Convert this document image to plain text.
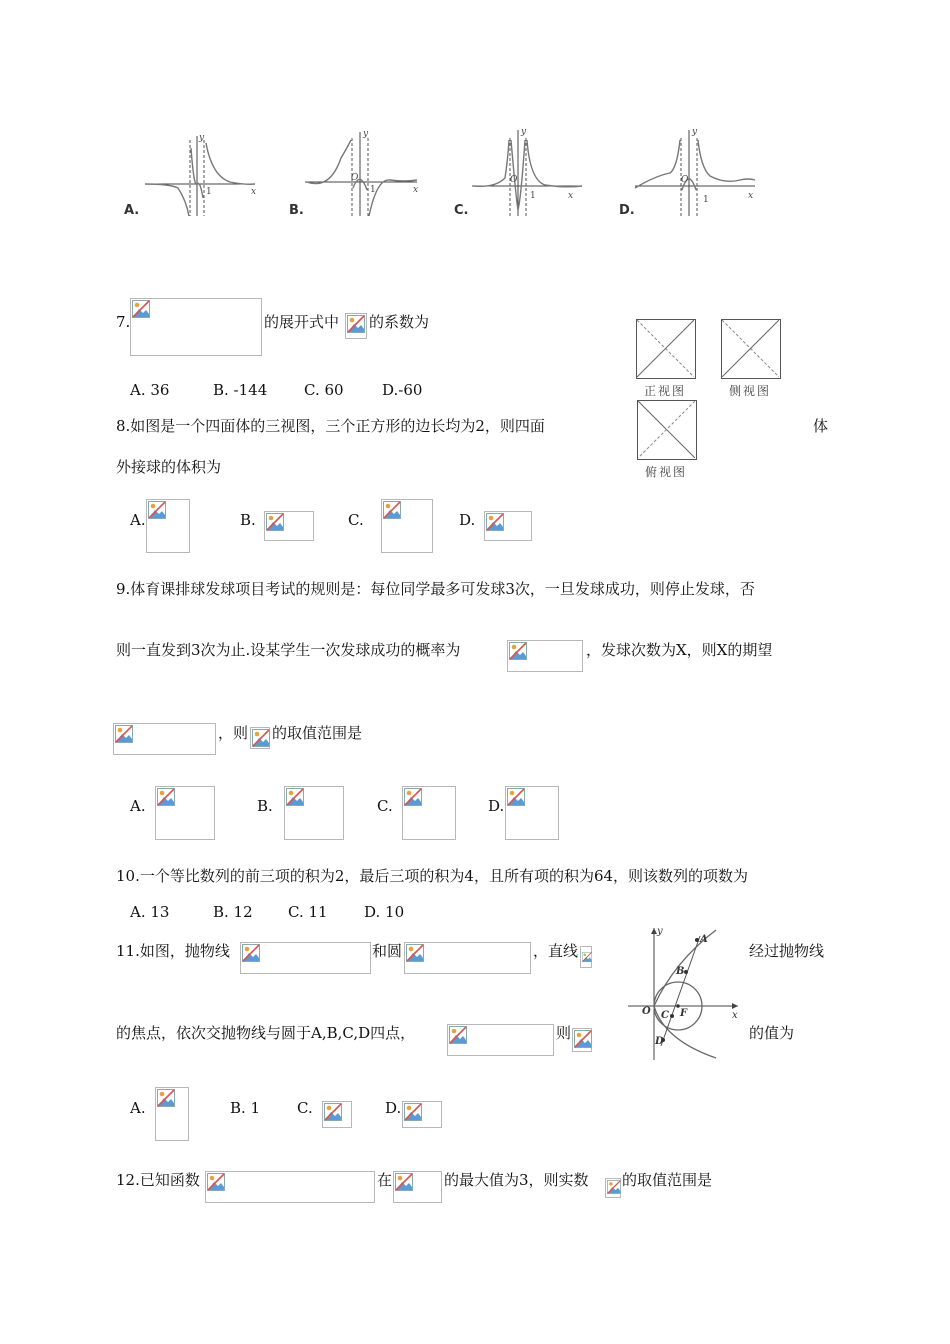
y
x
1
A.
y
O
x
1
B.
y
O
x
1
C.
y
O
x
1
D.
7.	的展开式中 的系数为
A. 36	B. -144 C. 60	D.-60	正视图	侧视图
俯视图
8.如图是一个四面体的三视图，三个正方形的边长均为2，则四面	体
外接球的体积为
A.	B.	C.	D.
9.体育课排球发球项目考试的规则是：每位同学最多可发球3次，一旦发球成功，则停止发球，否
则一直发到3次为止.设某学生一次发球成功的概率为	，发球次数为X，则X的期望
，则 的取值范围是
A.	B.	C.	D.
10.一个等比数列的前三项的积为2，最后三项的积为4，且所有项的积为64，则该数列的项数为
A. 13	B. 12 C. 11 D. 10
11.如图，抛物线	和圆	，直线	经过抛物线
的焦点，依次交抛物线与圆于A,B,C,D四点，	则	的值为
y
x
O
A
B
C F
D
A.	B. 1 C.	D.
12.已知函数	在	的最大值为3，则实数 的取值范围是
